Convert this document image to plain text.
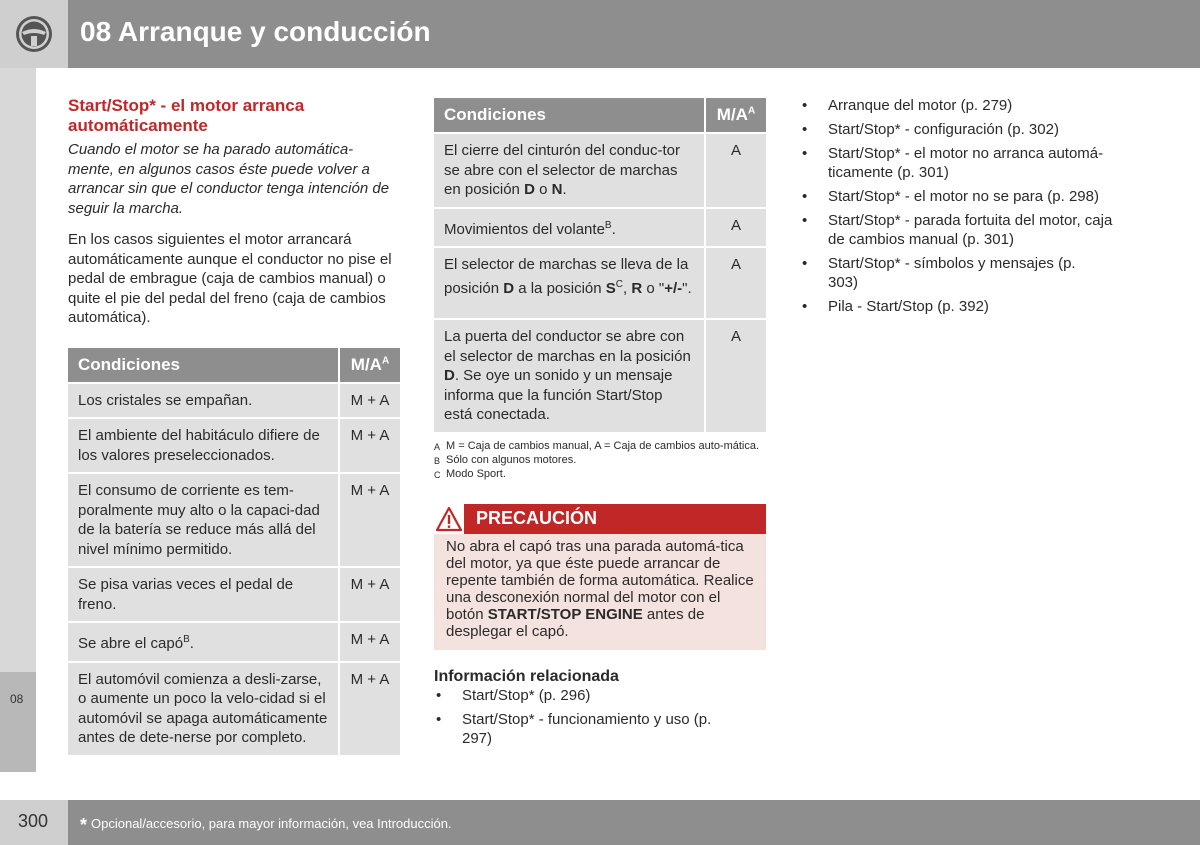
08 Arranque y conducción
08
Start/Stop* - el motor arranca automáticamente
Cuando el motor se ha parado automática-mente, en algunos casos éste puede volver a arrancar sin que el conductor tenga intención de seguir la marcha.
En los casos siguientes el motor arrancará automáticamente aunque el conductor no pise el pedal de embrague (caja de cambios manual) o quite el pie del pedal del freno (caja de cambios automática).
Condiciones	$M/A^A$
Los cristales se empañan.	M + A
El ambiente del habitáculo difiere de los valores preseleccionados.	M + A
El consumo de corriente es tem-poralmente muy alto o la capaci-dad de la batería se reduce más allá del nivel mínimo permitido.	M + A
Se pisa varias veces el pedal de freno.	M + A
Se abre el capó$^B$.	M + A
El automóvil comienza a desli-zarse, o aumente un poco la velo-cidad si el automóvil se apaga automáticamente antes de dete-nerse por completo.	M + A
Condiciones	$M/A^A$
El cierre del cinturón del conduc-tor se abre con el selector de marchas en posición D o N.	A
Movimientos del volante$^B$.	A
El selector de marchas se lleva de la posición D a la posición $S^C$, R o "+/-".	A
La puerta del conductor se abre con el selector de marchas en la posición D. Se oye un sonido y un mensaje informa que la función Start/Stop está conectada.	A
A M = Caja de cambios manual, A = Caja de cambios auto-mática.
B Sólo con algunos motores.
C Modo Sport.
PRECAUCIÓN
No abra el capó tras una parada automá-tica del motor, ya que éste puede arrancar de repente también de forma automática. Realice una desconexión normal del motor con el botón START/STOP ENGINE antes de desplegar el capó.
Información relacionada
• Start/Stop* (p. 296)
• Start/Stop* - funcionamiento y uso (p. 297)
• Arranque del motor (p. 279)
• Start/Stop* - configuración (p. 302)
• Start/Stop* - el motor no arranca automá-ticamente (p. 301)
• Start/Stop* - el motor no se para (p. 298)
• Start/Stop* - parada fortuita del motor, caja de cambios manual (p. 301)
• Start/Stop* - símbolos y mensajes (p. 303)
• Pila - Start/Stop (p. 392)
300 * Opcional/accesorio, para mayor información, vea Introducción.
